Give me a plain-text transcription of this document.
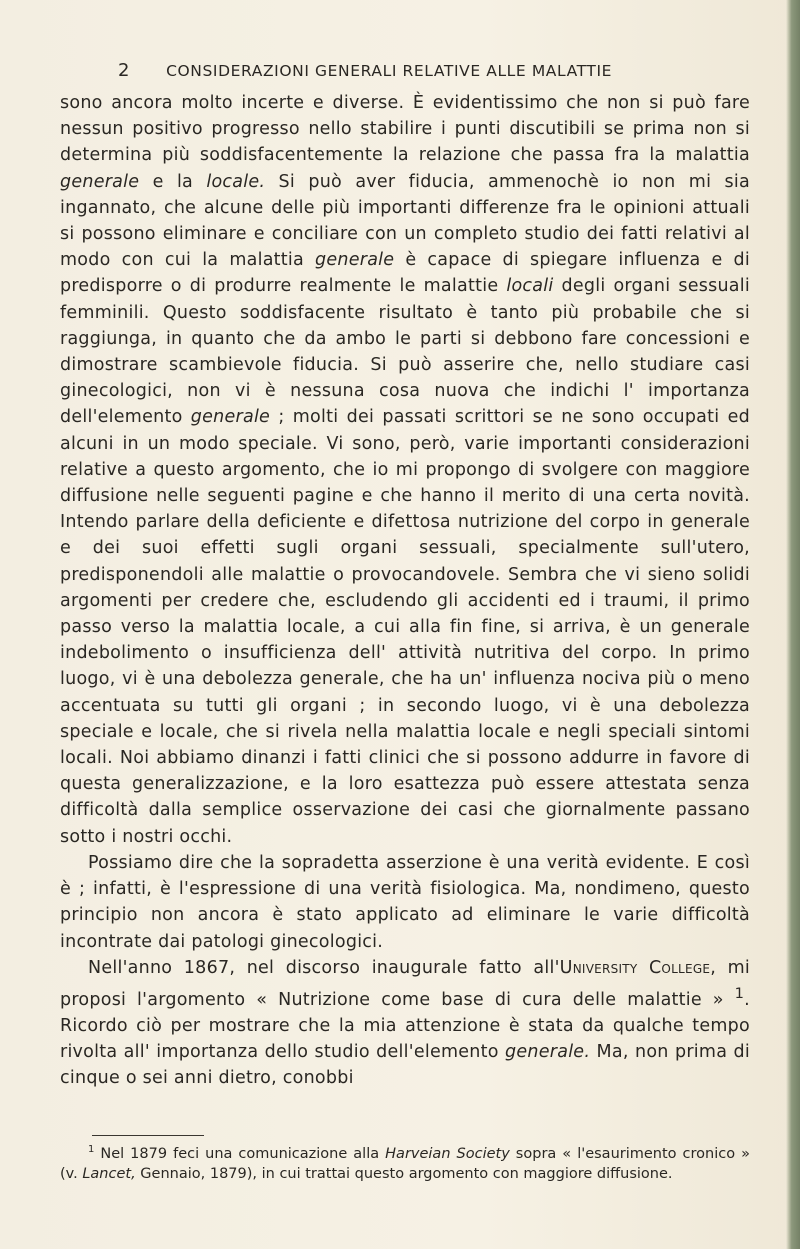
2 CONSIDERAZIONI GENERALI RELATIVE ALLE MALATTIE

sono ancora molto incerte e diverse. È evidentissimo che non si può fare nessun positivo progresso nello stabilire i punti discutibili se prima non si determina più soddisfacentemente la relazione che passa fra la malattia generale e la locale. Si può aver fiducia, ammenochè io non mi sia ingannato, che alcune delle più importanti differenze fra le opinioni attuali si possono eliminare e conciliare con un completo studio dei fatti relativi al modo con cui la malattia generale è capace di spiegare influenza e di predisporre o di produrre realmente le malattie locali degli organi sessuali femminili. Questo soddisfacente risultato è tanto più probabile che si raggiunga, in quanto che da ambo le parti si debbono fare concessioni e dimostrare scambievole fiducia. Si può asserire che, nello studiare casi ginecologici, non vi è nessuna cosa nuova che indichi l' importanza dell'elemento generale ; molti dei passati scrittori se ne sono occupati ed alcuni in un modo speciale. Vi sono, però, varie importanti considerazioni relative a questo argomento, che io mi propongo di svolgere con maggiore diffusione nelle seguenti pagine e che hanno il merito di una certa novità. Intendo parlare della deficiente e difettosa nutrizione del corpo in generale e dei suoi effetti sugli organi sessuali, specialmente sull'utero, predisponendoli alle malattie o provocandovele. Sembra che vi sieno solidi argomenti per credere che, escludendo gli accidenti ed i traumi, il primo passo verso la malattia locale, a cui alla fin fine, si arriva, è un generale indebolimento o insufficienza dell' attività nutritiva del corpo. In primo luogo, vi è una debolezza generale, che ha un' influenza nociva più o meno accentuata su tutti gli organi ; in secondo luogo, vi è una debolezza speciale e locale, che si rivela nella malattia locale e negli speciali sintomi locali. Noi abbiamo dinanzi i fatti clinici che si possono addurre in favore di questa generalizzazione, e la loro esattezza può essere attestata senza difficoltà dalla semplice osservazione dei casi che giornalmente passano sotto i nostri occhi.

Possiamo dire che la sopradetta asserzione è una verità evidente. E così è ; infatti, è l'espressione di una verità fisiologica. Ma, nondimeno, questo principio non ancora è stato applicato ad eliminare le varie difficoltà incontrate dai patologi ginecologici.

Nell'anno 1867, nel discorso inaugurale fatto all'University College, mi proposi l'argomento « Nutrizione come base di cura delle malattie » $^1$. Ricordo ciò per mostrare che la mia attenzione è stata da qualche tempo rivolta all' importanza dello studio dell'elemento generale. Ma, non prima di cinque o sei anni dietro, conobbi

$^1$ Nel 1879 feci una comunicazione alla Harveian Society sopra « l'esaurimento cronico » (v. Lancet, Gennaio, 1879), in cui trattai questo argomento con maggiore diffusione.
